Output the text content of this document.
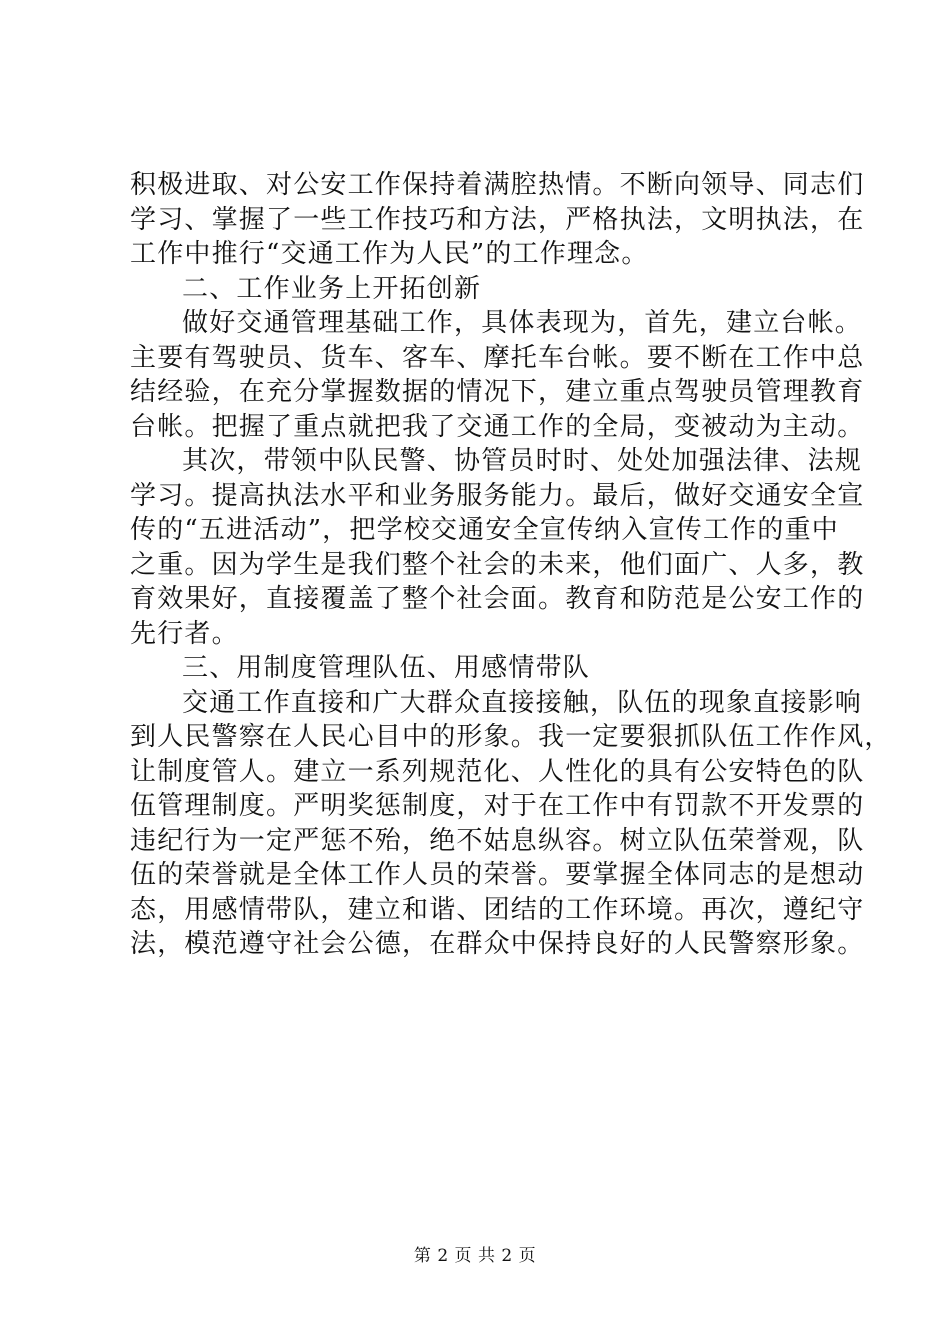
积极进取、对公安工作保持着满腔热情。不断向领导、同志们
学习、掌握了一些工作技巧和方法，严格执法，文明执法，在
工作中推行“交通工作为人民”的工作理念。
二、工作业务上开拓创新
做好交通管理基础工作，具体表现为，首先，建立台帐。
主要有驾驶员、货车、客车、摩托车台帐。要不断在工作中总
结经验，在充分掌握数据的情况下，建立重点驾驶员管理教育
台帐。把握了重点就把我了交通工作的全局，变被动为主动。
其次，带领中队民警、协管员时时、处处加强法律、法规
学习。提高执法水平和业务服务能力。最后，做好交通安全宣
传的“五进活动”，把学校交通安全宣传纳入宣传工作的重中
之重。因为学生是我们整个社会的未来，他们面广、人多，教
育效果好，直接覆盖了整个社会面。教育和防范是公安工作的
先行者。
三、用制度管理队伍、用感情带队
交通工作直接和广大群众直接接触，队伍的现象直接影响
到人民警察在人民心目中的形象。我一定要狠抓队伍工作作风，
让制度管人。建立一系列规范化、人性化的具有公安特色的队
伍管理制度。严明奖惩制度，对于在工作中有罚款不开发票的
违纪行为一定严惩不殆，绝不姑息纵容。树立队伍荣誉观，队
伍的荣誉就是全体工作人员的荣誉。要掌握全体同志的是想动
态，用感情带队，建立和谐、团结的工作环境。再次，遵纪守
法，模范遵守社会公德，在群众中保持良好的人民警察形象。
第 2 页 共 2 页
